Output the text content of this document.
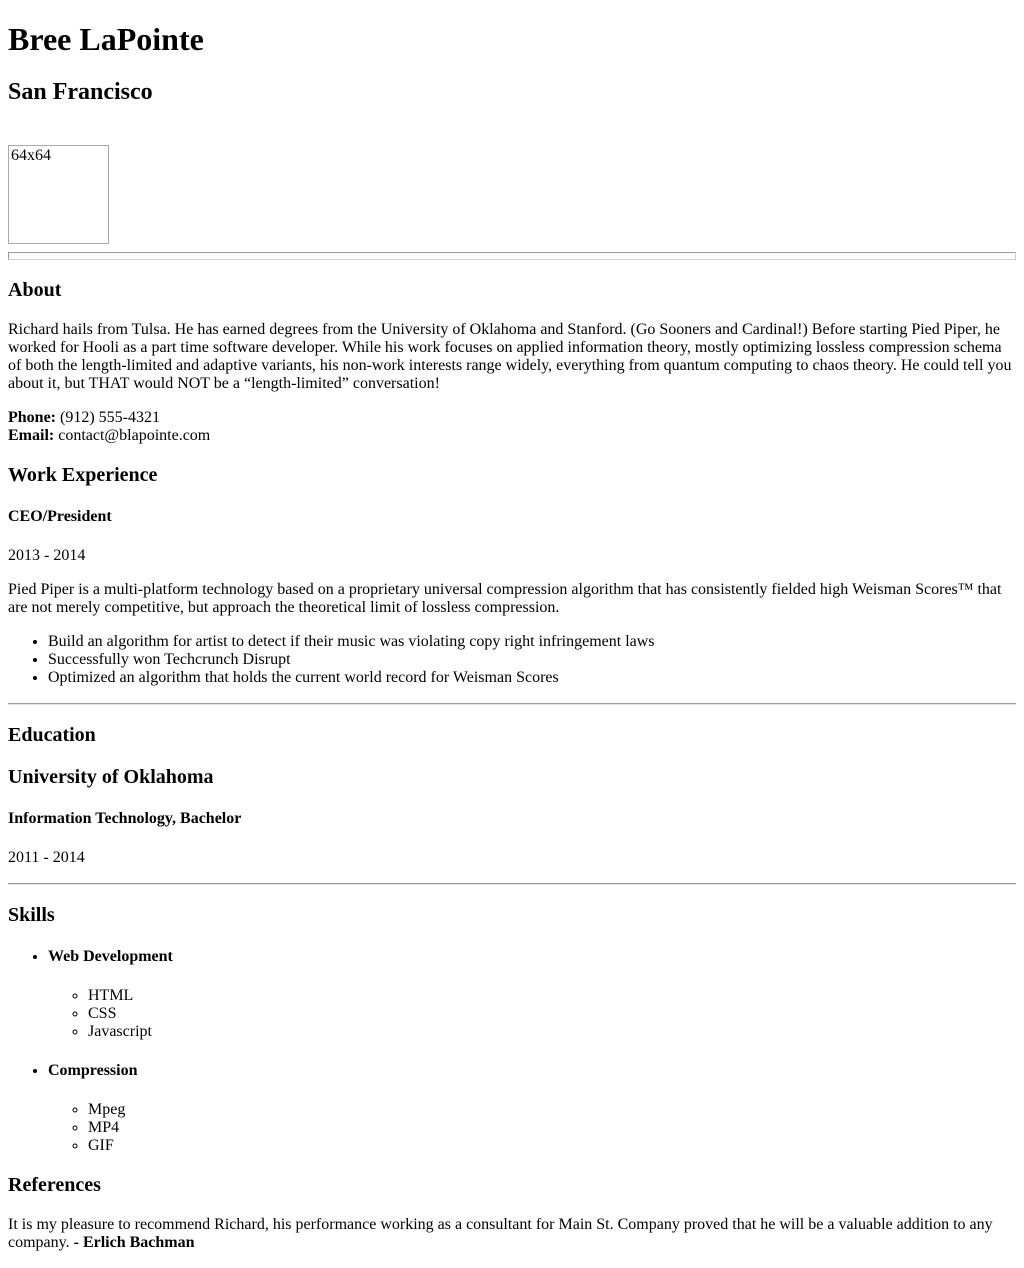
Bree LaPointe
San Francisco
64x64
About

Richard hails from Tulsa. He has earned degrees from the University of Oklahoma and Stanford. (Go Sooners and Cardinal!) Before starting Pied Piper, he worked for Hooli as a part time software developer. While his work focuses on applied information theory, mostly optimizing lossless compression schema of both the length-limited and adaptive variants, his non-work interests range widely, everything from quantum computing to chaos theory. He could tell you about it, but THAT would NOT be a “length-limited” conversation!

Phone: (912) 555-4321
Email: contact@blapointe.com

Work Experience
CEO/President

2013 - 2014

Pied Piper is a multi-platform technology based on a proprietary universal compression algorithm that has consistently fielded high Weisman Scores™ that are not merely competitive, but approach the theoretical limit of lossless compression.

• Build an algorithm for artist to detect if their music was violating copy right infringement laws
• Successfully won Techcrunch Disrupt
• Optimized an algorithm that holds the current world record for Weisman Scores
Education
University of Oklahoma
Information Technology, Bachelor

2011 - 2014

Skills
• Web Development
◦ HTML
◦ CSS
◦ Javascript
• Compression
◦ Mpeg
◦ MP4
◦ GIF
References

It is my pleasure to recommend Richard, his performance working as a consultant for Main St. Company proved that he will be a valuable addition to any company. - Erlich Bachman
